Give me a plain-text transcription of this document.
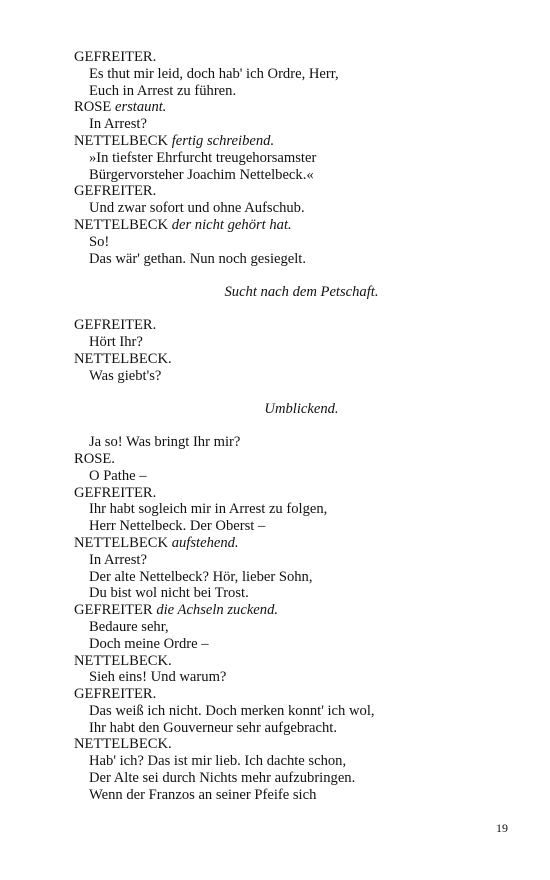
GEFREITER.
Es thut mir leid, doch hab' ich Ordre, Herr,
Euch in Arrest zu führen.
ROSE erstaunt.
In Arrest?
NETTELBECK fertig schreibend.
»In tiefster Ehrfurcht treugehorsamster
Bürgervorsteher Joachim Nettelbeck.«
GEFREITER.
Und zwar sofort und ohne Aufschub.
NETTELBECK der nicht gehört hat.
So!
Das wär' gethan. Nun noch gesiegelt.
Sucht nach dem Petschaft.
GEFREITER.
Hört Ihr?
NETTELBECK.
Was giebt's?
Umblickend.
Ja so! Was bringt Ihr mir?
ROSE.
O Pathe –
GEFREITER.
Ihr habt sogleich mir in Arrest zu folgen,
Herr Nettelbeck. Der Oberst –
NETTELBECK aufstehend.
In Arrest?
Der alte Nettelbeck? Hör, lieber Sohn,
Du bist wol nicht bei Trost.
GEFREITER die Achseln zuckend.
Bedaure sehr,
Doch meine Ordre –
NETTELBECK.
Sieh eins! Und warum?
GEFREITER.
Das weiß ich nicht. Doch merken konnt' ich wol,
Ihr habt den Gouverneur sehr aufgebracht.
NETTELBECK.
Hab' ich? Das ist mir lieb. Ich dachte schon,
Der Alte sei durch Nichts mehr aufzubringen.
Wenn der Franzos an seiner Pfeife sich
19
